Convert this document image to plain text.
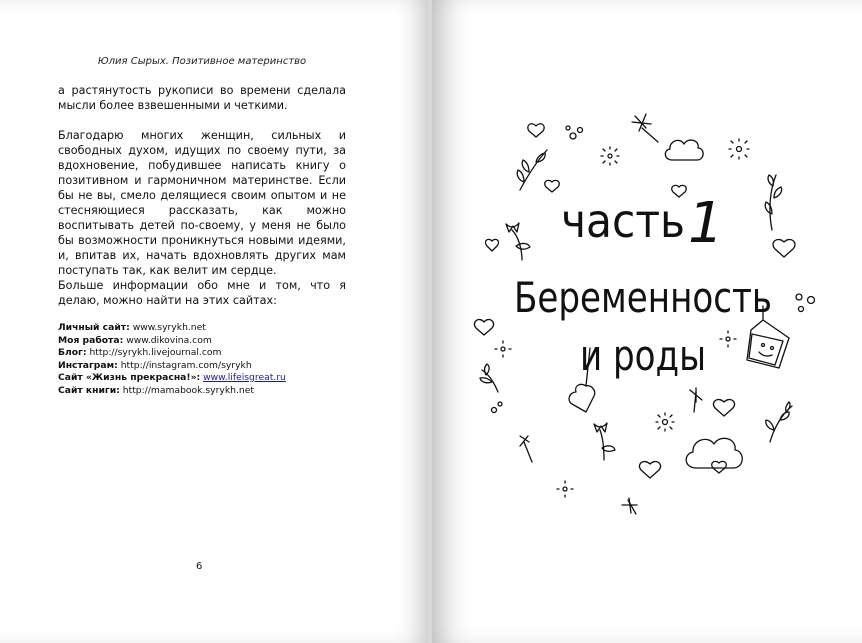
Юлия Сырых. Позитивное материнство

а растянутость рукописи во времени сделала мысли более взвешенными и четкими.

Благодарю многих женщин, сильных и свободных духом, идущих по своему пути, за вдохновение, побудившее написать книгу о позитивном и гармоничном материнстве. Если бы не вы, смело делящиеся своим опытом и не стесняющиеся рассказать, как можно воспитывать детей по-своему, у меня не было бы возможности проникнуться новыми идеями, и, впитав их, начать вдохновлять других мам поступать так, как велит им сердце.

Больше информации обо мне и том, что я делаю, можно найти на этих сайтах:

Личный сайт: www.syrykh.net
Моя работа: www.dikovina.com
Блог: http://syrykh.livejournal.com
Инстаграм: http://instagram.com/syrykh
Сайт «Жизнь прекрасна!»: www.lifeisgreat.ru
Сайт книги: http://mamabook.syrykh.net
6
часть 1
Беременность
и роды
